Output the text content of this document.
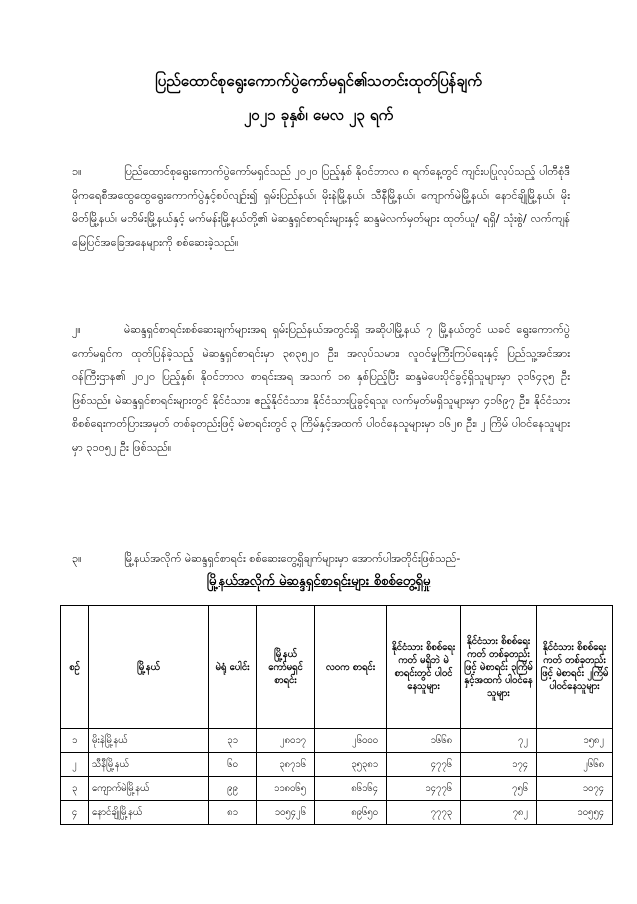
ပြည်ထောင်စုရွေးကောက်ပွဲကော်မရှင်၏သတင်းထုတ်ပြန်ချက်
၂၀၂၁ ခုနှစ်၊ မေလ ၂၃ ရက်
၁။	ပြည်ထောင်စုရွေးကောက်ပွဲကော်မရှင်သည် ၂၀၂၀ ပြည့်နှစ် နိုဝင်ဘာလ ၈ ရက်နေ့တွင် ကျင်းပပြုလုပ်သည့် ပါတီစုံဒီမိုကရေစီအထွေထွေရွေးကောက်ပွဲနှင့်စပ်လျဉ်း၍ ရှမ်းပြည်နယ်၊ မိုးနဲမြို့နယ်၊ သီနီမြို့နယ်၊ ကျောက်မဲမြို့နယ်၊ နောင်ချိုမြို့နယ်၊ မိုးမိတ်မြို့နယ်၊ မဘိမ်းမြို့နယ်နှင့် မက်မန်းမြို့နယ်တို့၏ မဲဆန္ဒရှင်စာရင်းများနှင့် ဆန္ဒမဲလက်မှတ်များ ထုတ်ယူ/ ရရှိ/ သုံးစွဲ/ လက်ကျန် မြေပြင်အခြေအနေများကို စစ်ဆေးခဲ့သည်။
၂။	မဲဆန္ဒရှင်စာရင်းစစ်ဆေးချက်များအရ ရှမ်းပြည်နယ်အတွင်းရှိ အဆိုပါမြို့နယ် ၇ မြို့နယ်တွင် ယခင် ရွေးကောက်ပွဲကော်မရှင်က ထုတ်ပြန်ခဲ့သည့် မဲဆန္ဒရှင်စာရင်းမှာ ၃၈၃၅၂၀ ဦး၊ အလုပ်သမား၊ လူဝင်မှုကြီးကြပ်ရေးနှင့် ပြည်သူ့အင်အားဝန်ကြီးဌာန၏ ၂၀၂၀ ပြည့်နှစ်၊ နိုဝင်ဘာလ စာရင်းအရ အသက် ၁၈ နှစ်ပြည့်ပြီး ဆန္ဒမဲပေးပိုင်ခွင့်ရှိသူများမှာ ၃၁၆၄၃၅ ဦး ဖြစ်သည်။ မဲဆန္ဒရှင်စာရင်းများတွင် နိုင်ငံသား၊ ဧည့်နိုင်ငံသား၊ နိုင်ငံသားပြုခွင့်ရသူ၊ လက်မှတ်မရှိသူများမှာ ၄၁၆၉၇ ဦး၊ နိုင်ငံသား စိစစ်ရေးကတ်ပြားအမှတ် တစ်ခုတည်းဖြင့် မဲစာရင်းတွင် ၃ ကြိမ်နှင့်အထက် ပါဝင်နေသူများမှာ ၁၆၂၈ ဦး၊ ၂ ကြိမ် ပါဝင်နေသူများမှာ ၃၁၀၅၂ ဦး ဖြစ်သည်။
၃။	မြို့နယ်အလိုက် မဲဆန္ဒရှင်စာရင်း စစ်ဆေးတွေ့ရှိချက်များမှာ အောက်ပါအတိုင်းဖြစ်သည်-
မြို့နယ်အလိုက် မဲဆန္ဒရှင်စာရင်းများ စိစစ်တွေ့ရှိမှု
စဉ်	မြို့နယ်	မဲရုံ ပေါင်း	မြို့နယ် ကော်မရှင် စာရင်း	လဝက စာရင်း	နိုင်ငံသား စိစစ်ရေးကတ် မရှိဘဲ မဲစာရင်းတွင် ပါဝင်နေသူများ	နိုင်ငံသား စိစစ်ရေးကတ် တစ်ခုတည်းဖြင့် မဲစာရင်း ၃ကြိမ် နှင့်အထက် ပါဝင်နေသူများ	နိုင်ငံသား စိစစ်ရေးကတ် တစ်ခုတည်းဖြင့် မဲစာရင်း ၂ကြိမ် ပါဝင်နေသူများ
၁	မိုးနဲမြို့နယ်	၃၁	၂၈၀၁၇	၂၆၀၀၀	၁၆၆၈	၇၂	၁၅၈၂
၂	သီနီမြို့နယ်	၆၀	၃၈၇၁၆	၃၅၃၈၁	၄၇၇၆	၁၇၄	၂၆၆၈
၃	ကျောက်မဲမြို့နယ်	၉၉	၁၁၈၀၆၅	၈၆၁၆၄	၁၄၇၇၆	၇၅၆	၁၀၇၄
၄	နောင်ချိုမြို့နယ်	၈၁	၁၀၅၄၂၆	၈၉၆၅၀	၇၇၇၃	၇၈၂	၁၀၅၅၄
